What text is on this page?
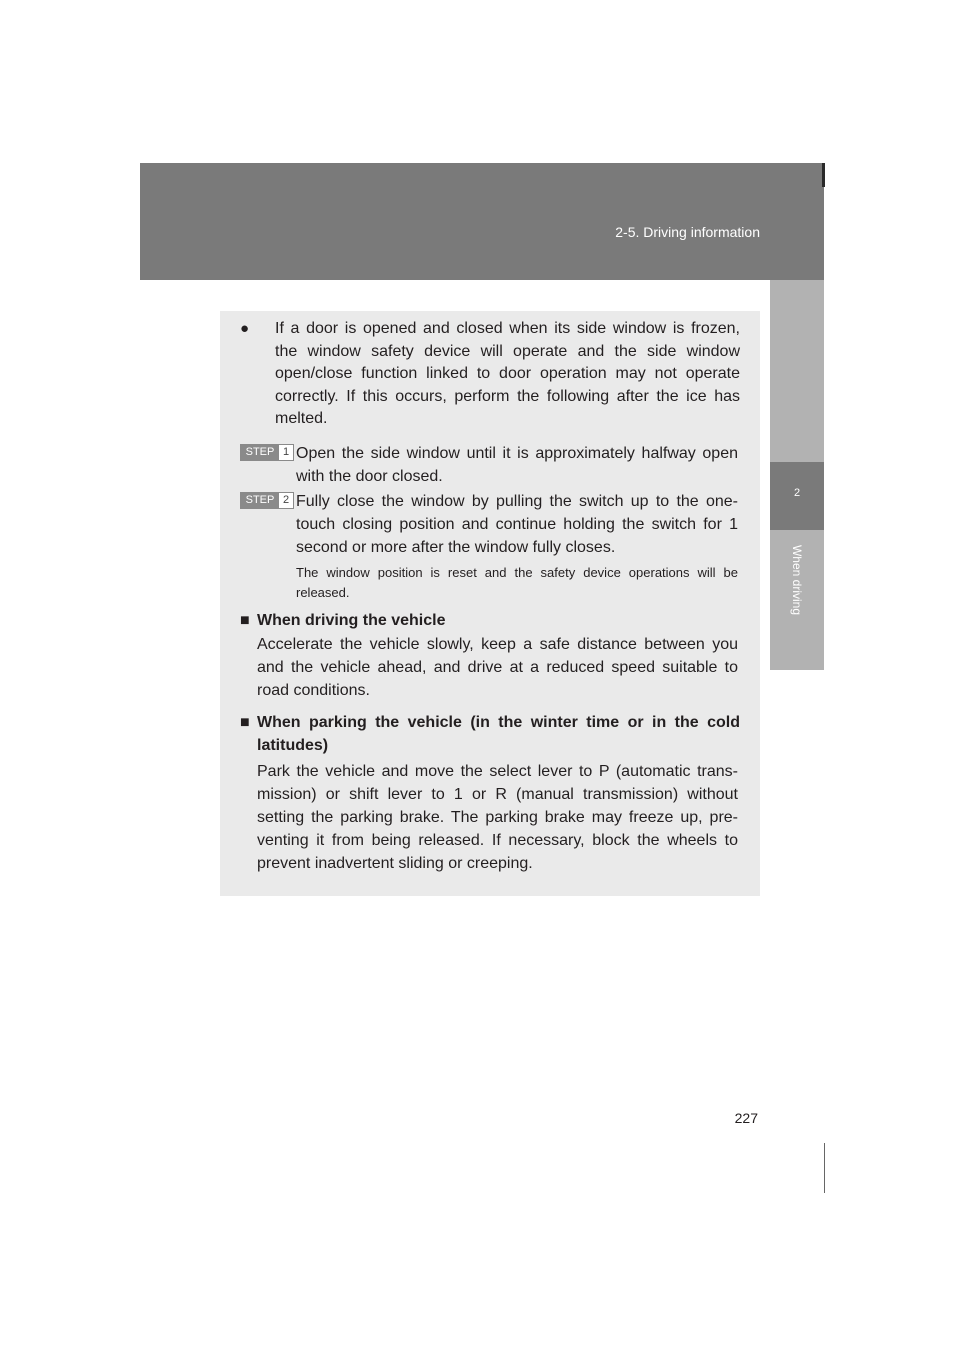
2-5. Driving information
2
When driving
● If a door is opened and closed when its side window is frozen, the window safety device will operate and the side window open/close function linked to door operation may not operate correctly. If this occurs, perform the following after the ice has melted.
STEP 1 Open the side window until it is approximately halfway open with the door closed.
STEP 2 Fully close the window by pulling the switch up to the one-touch closing position and continue holding the switch for 1 second or more after the window fully closes.
The window position is reset and the safety device operations will be released.
■ When driving the vehicle
Accelerate the vehicle slowly, keep a safe distance between you and the vehicle ahead, and drive at a reduced speed suitable to road conditions.
■ When parking the vehicle (in the winter time or in the cold latitudes)
Park the vehicle and move the select lever to P (automatic trans-mission) or shift lever to 1 or R (manual transmission) without setting the parking brake. The parking brake may freeze up, pre-venting it from being released. If necessary, block the wheels to prevent inadvertent sliding or creeping.
227
